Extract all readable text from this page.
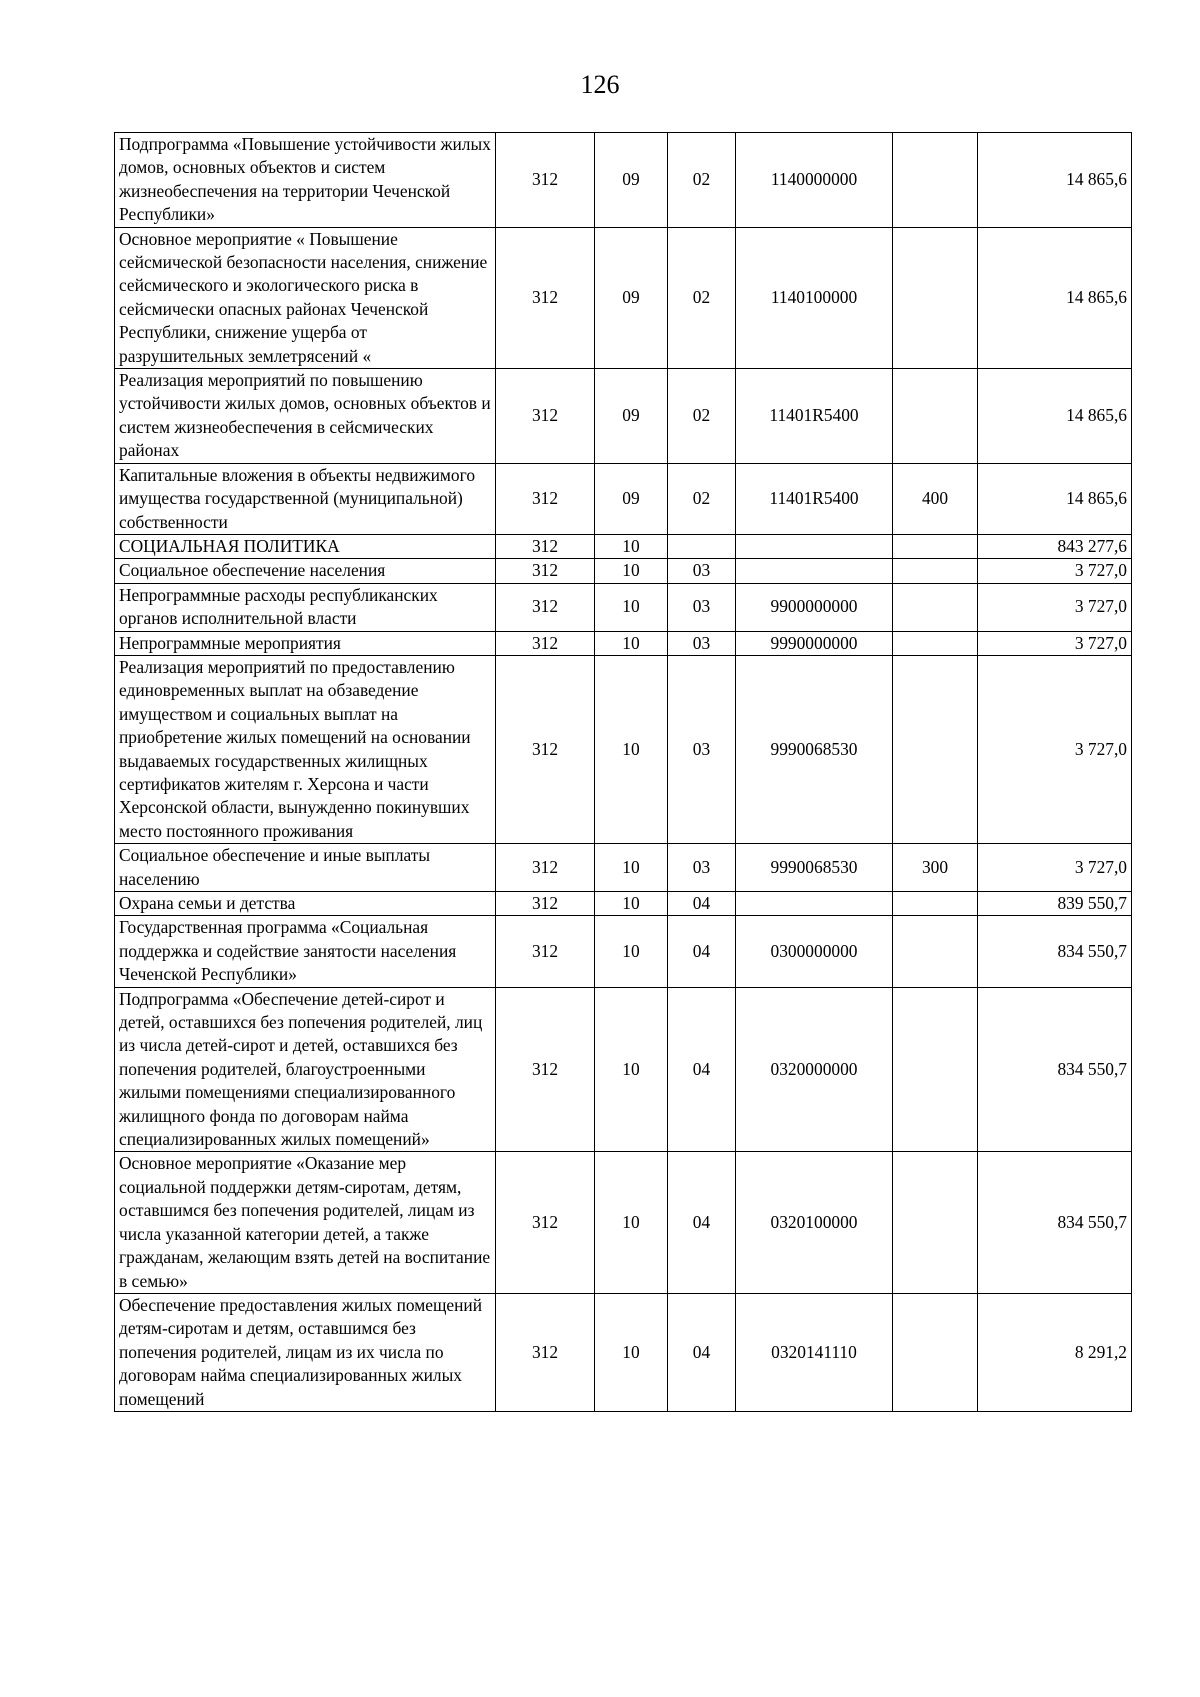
126
Подпрограмма «Повышение устойчивости жилых домов, основных объектов и систем жизнеобеспечения на территории Чеченской Республики»	312	09	02	1140000000		14 865,6
Основное мероприятие « Повышение сейсмической безопасности населения, снижение сейсмического и экологического риска в сейсмически опасных районах Чеченской Республики, снижение ущерба от разрушительных землетрясений «	312	09	02	1140100000		14 865,6
Реализация мероприятий по повышению устойчивости жилых домов, основных объектов и систем жизнеобеспечения в сейсмических районах	312	09	02	11401R5400		14 865,6
Капитальные вложения в объекты недвижимого имущества государственной (муниципальной) собственности	312	09	02	11401R5400	400	14 865,6
СОЦИАЛЬНАЯ ПОЛИТИКА	312	10				843 277,6
Социальное обеспечение населения	312	10	03			3 727,0
Непрограммные расходы республиканских органов исполнительной власти	312	10	03	9900000000		3 727,0
Непрограммные мероприятия	312	10	03	9990000000		3 727,0
Реализация мероприятий по предоставлению единовременных выплат на обзаведение имуществом и социальных выплат на приобретение жилых помещений на основании выдаваемых государственных жилищных сертификатов жителям г. Херсона и части Херсонской области, вынужденно покинувших место постоянного проживания	312	10	03	9990068530		3 727,0
Социальное обеспечение и иные выплаты населению	312	10	03	9990068530	300	3 727,0
Охрана семьи и детства	312	10	04			839 550,7
Государственная программа «Социальная поддержка и содействие занятости населения Чеченской Республики»	312	10	04	0300000000		834 550,7
Подпрограмма «Обеспечение детей-сирот и детей, оставшихся без попечения родителей, лиц из числа детей-сирот и детей, оставшихся без попечения родителей, благоустроенными жилыми помещениями специализированного жилищного фонда по договорам найма специализированных жилых помещений»	312	10	04	0320000000		834 550,7
Основное мероприятие «Оказание мер социальной поддержки детям-сиротам, детям, оставшимся без попечения родителей, лицам из числа указанной категории детей, а также гражданам, желающим взять детей на воспитание в семью»	312	10	04	0320100000		834 550,7
Обеспечение предоставления жилых помещений детям-сиротам и детям, оставшимся без попечения родителей, лицам из их числа по договорам найма специализированных жилых помещений	312	10	04	0320141110		8 291,2
